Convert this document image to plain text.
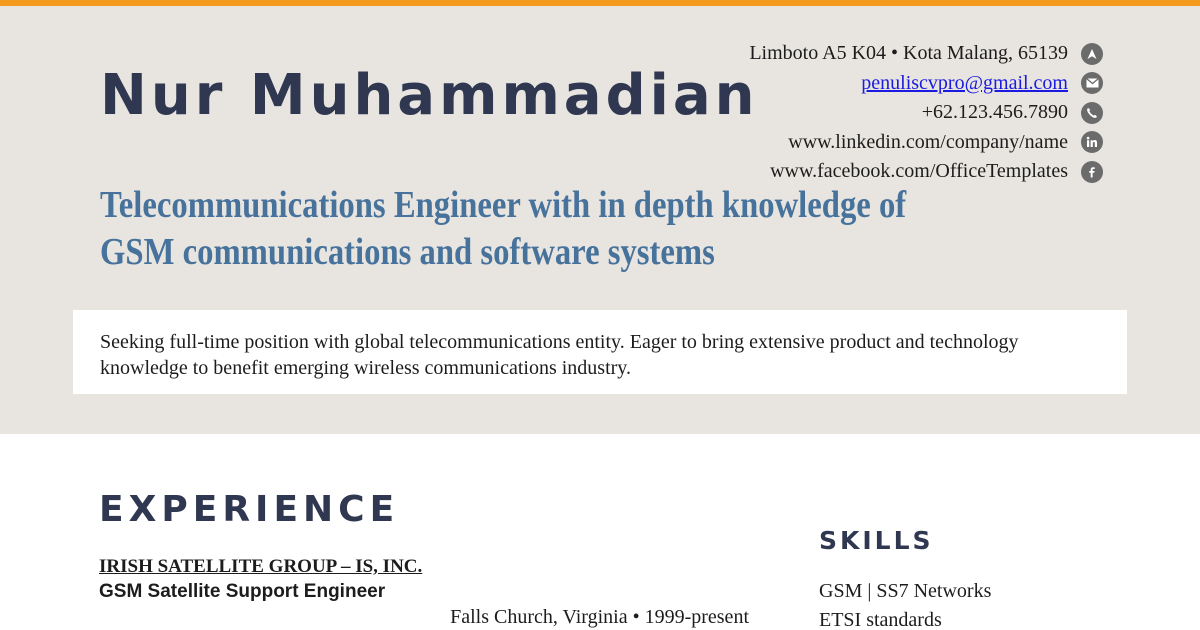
Nur Muhammadian
Limboto A5 K04 • Kota Malang, 65139
penuliscvpro@gmail.com
+62.123.456.7890
www.linkedin.com/company/name
www.facebook.com/OfficeTemplates
Telecommunications Engineer with in depth knowledge of GSM communications and software systems

Seeking full-time position with global telecommunications entity. Eager to bring extensive product and technology knowledge to benefit emerging wireless communications industry.

EXPERIENCE

IRISH SATELLITE GROUP – IS, INC.

GSM Satellite Support Engineer

Falls Church, Virginia • 1999-present

SKILLS
GSM | SS7 Networks
ETSI standards
